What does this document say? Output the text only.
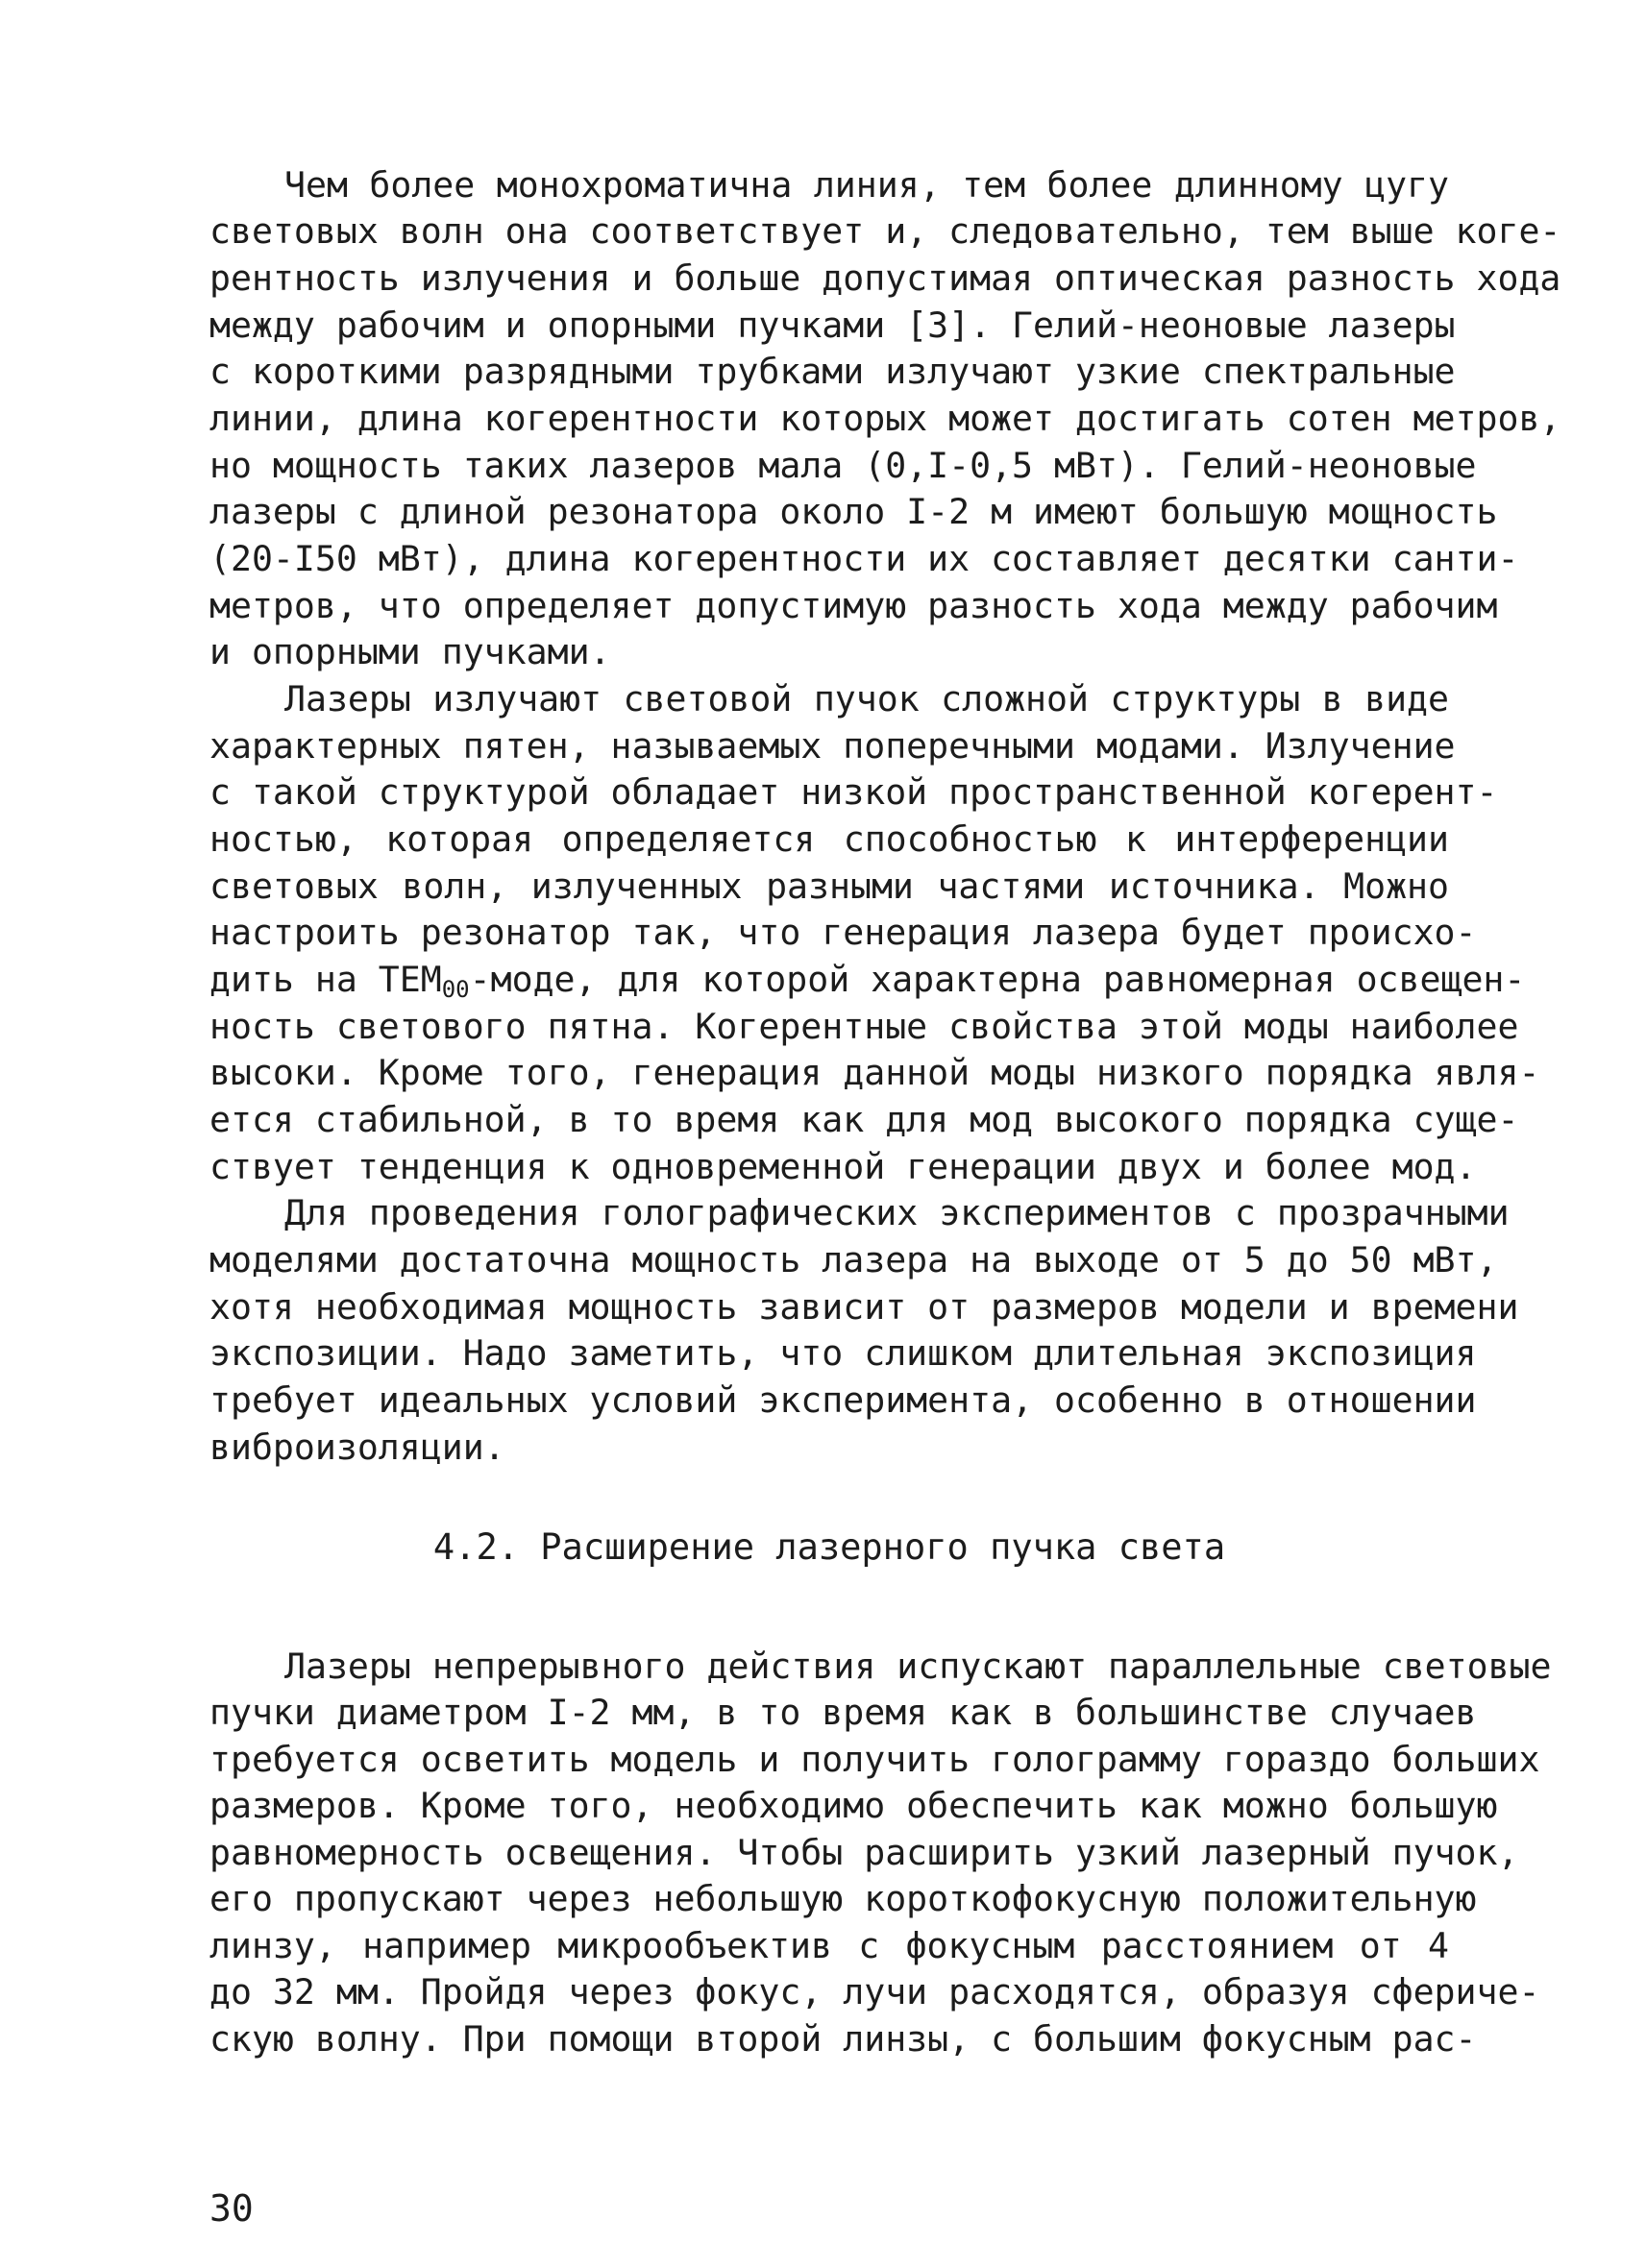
Чем более монохроматична линия, тем более длинному цугу
световых волн она соответствует и, следовательно, тем выше коге-
рентность излучения и больше допустимая оптическая разность хода
между рабочим и опорными пучками [3]. Гелий-неоновые лазеры
с короткими разрядными трубками излучают узкие спектральные
линии, длина когерентности которых может достигать сотен метров,
но мощность таких лазеров мала (0,I-0,5 мВт). Гелий-неоновые
лазеры с длиной резонатора около I-2 м имеют большую мощность
(20-I50 мВт), длина когерентности их составляет десятки санти-
метров, что определяет допустимую разность хода между рабочим
и опорными пучками.
Лазеры излучают световой пучок сложной структуры в виде
характерных пятен, называемых поперечными модами. Излучение
с такой структурой обладает низкой пространственной когерент-
ностью, которая определяется способностью к интерференции
световых волн, излученных разными частями источника. Можно
настроить резонатор так, что генерация лазера будет происхо-
дить на $ТЕМ_{00}$-моде, для которой характерна равномерная освещен-
ность светового пятна. Когерентные свойства этой моды наиболее
высоки. Кроме того, генерация данной моды низкого порядка явля-
ется стабильной, в то время как для мод высокого порядка суще-
ствует тенденция к одновременной генерации двух и более мод.
Для проведения голографических экспериментов с прозрачными
моделями достаточна мощность лазера на выходе от 5 до 50 мВт,
хотя необходимая мощность зависит от размеров модели и времени
экспозиции. Надо заметить, что слишком длительная экспозиция
требует идеальных условий эксперимента, особенно в отношении
виброизоляции.
4.2. Расширение лазерного пучка света
Лазеры непрерывного действия испускают параллельные световые
пучки диаметром I-2 мм, в то время как в большинстве случаев
требуется осветить модель и получить голограмму гораздо больших
размеров. Кроме того, необходимо обеспечить как можно большую
равномерность освещения. Чтобы расширить узкий лазерный пучок,
его пропускают через небольшую короткофокусную положительную
линзу, например микрообъектив с фокусным расстоянием от 4
до 32 мм. Пройдя через фокус, лучи расходятся, образуя сфериче-
скую волну. При помощи второй линзы, с большим фокусным рас-
30
